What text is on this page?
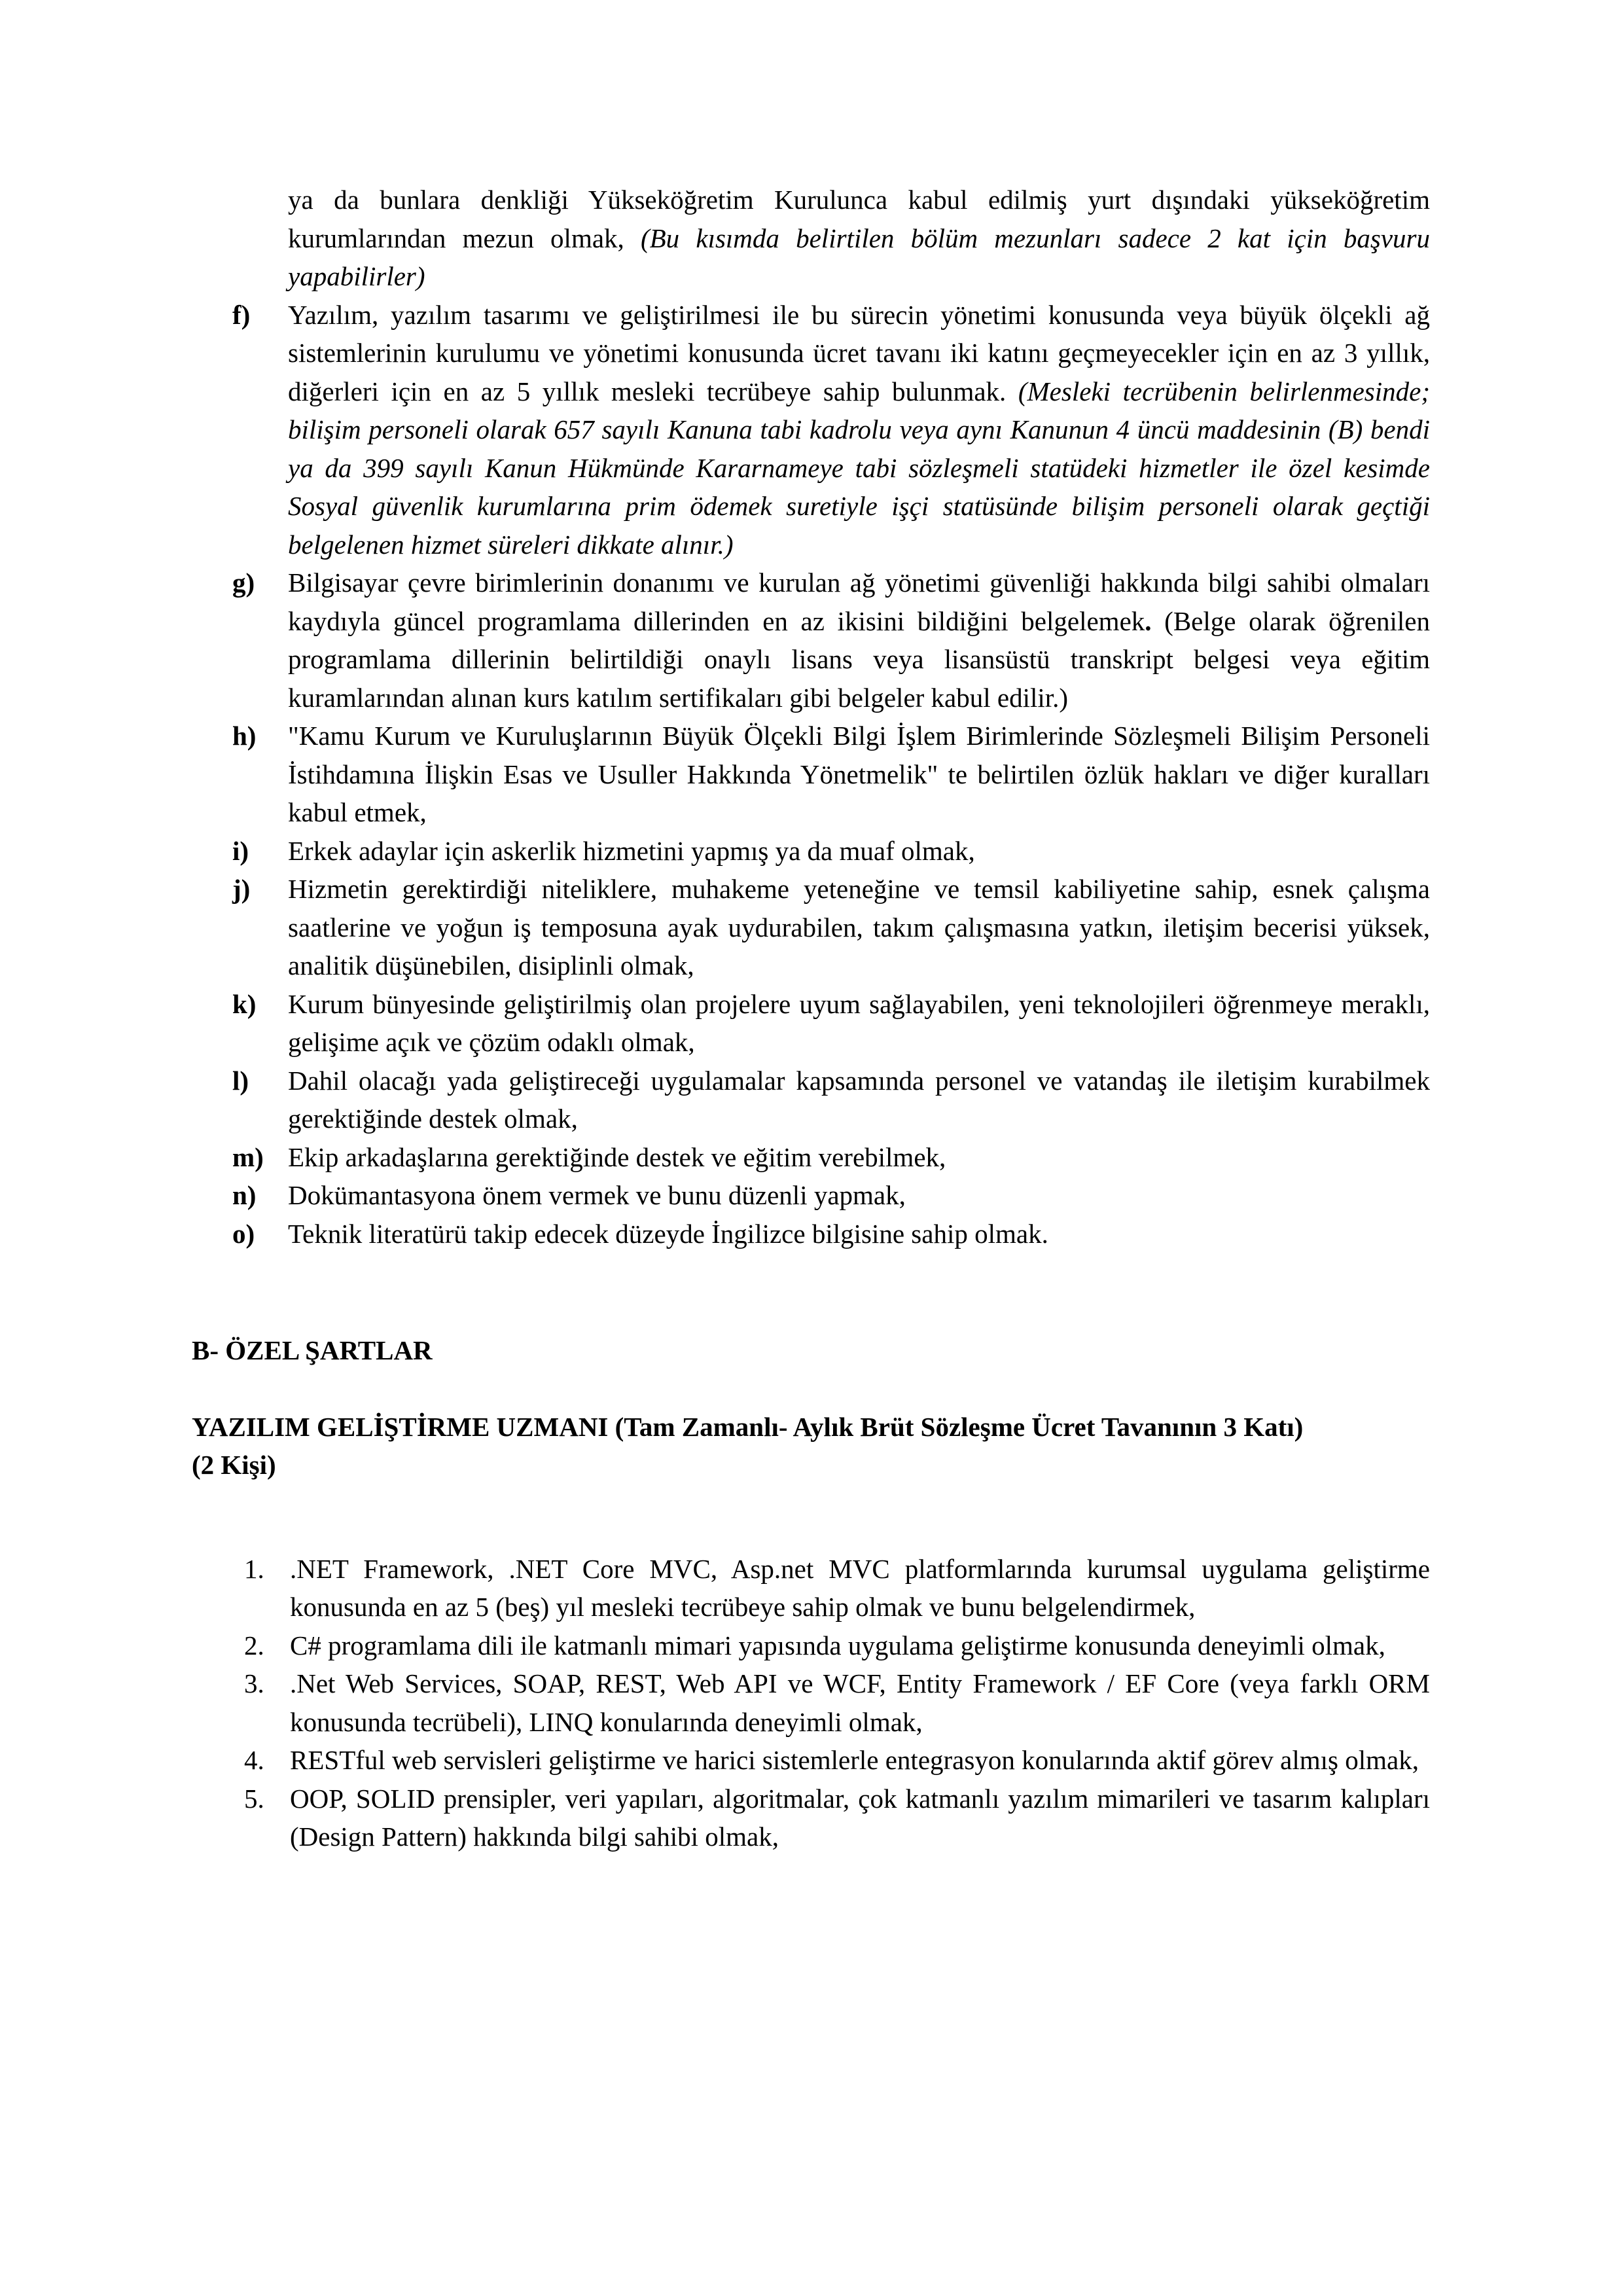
ya da bunlara denkliği Yükseköğretim Kurulunca kabul edilmiş yurt dışındaki yükseköğretim kurumlarından mezun olmak, (Bu kısımda belirtilen bölüm mezunları sadece 2 kat için başvuru yapabilirler)

f)	Yazılım, yazılım tasarımı ve geliştirilmesi ile bu sürecin yönetimi konusunda veya büyük ölçekli ağ sistemlerinin kurulumu ve yönetimi konusunda ücret tavanı iki katını geçmeyecekler için en az 3 yıllık, diğerleri için en az 5 yıllık mesleki tecrübeye sahip bulunmak. (Mesleki tecrübenin belirlenmesinde; bilişim personeli olarak 657 sayılı Kanuna tabi kadrolu veya aynı Kanunun 4 üncü maddesinin (B) bendi ya da 399 sayılı Kanun Hükmünde Kararnameye tabi sözleşmeli statüdeki hizmetler ile özel kesimde Sosyal güvenlik kurumlarına prim ödemek suretiyle işçi statüsünde bilişim personeli olarak geçtiği belgelenen hizmet süreleri dikkate alınır.)
g)	Bilgisayar çevre birimlerinin donanımı ve kurulan ağ yönetimi güvenliği hakkında bilgi sahibi olmaları kaydıyla güncel programlama dillerinden en az ikisini bildiğini belgelemek. (Belge olarak öğrenilen programlama dillerinin belirtildiği onaylı lisans veya lisansüstü transkript belgesi veya eğitim kuramlarından alınan kurs katılım sertifikaları gibi belgeler kabul edilir.)
h)	"Kamu Kurum ve Kuruluşlarının Büyük Ölçekli Bilgi İşlem Birimlerinde Sözleşmeli Bilişim Personeli İstihdamına İlişkin Esas ve Usuller Hakkında Yönetmelik" te belirtilen özlük hakları ve diğer kuralları kabul etmek,
i)	Erkek adaylar için askerlik hizmetini yapmış ya da muaf olmak,
j)	Hizmetin gerektirdiği niteliklere, muhakeme yeteneğine ve temsil kabiliyetine sahip, esnek çalışma saatlerine ve yoğun iş temposuna ayak uydurabilen, takım çalışmasına yatkın, iletişim becerisi yüksek, analitik düşünebilen, disiplinli olmak,
k)	Kurum bünyesinde geliştirilmiş olan projelere uyum sağlayabilen, yeni teknolojileri öğrenmeye meraklı, gelişime açık ve çözüm odaklı olmak,
l)	Dahil olacağı yada geliştireceği uygulamalar kapsamında personel ve vatandaş ile iletişim kurabilmek gerektiğinde destek olmak,
m) Ekip arkadaşlarına gerektiğinde destek ve eğitim verebilmek,
n)	Dokümantasyona önem vermek ve bunu düzenli yapmak,
o)	Teknik literatürü takip edecek düzeyde İngilizce bilgisine sahip olmak.
B- ÖZEL ŞARTLAR
YAZILIM GELİŞTİRME UZMANI (Tam Zamanlı- Aylık Brüt Sözleşme Ücret Tavanının 3 Katı) (2 Kişi)
1. .NET Framework, .NET Core MVC, Asp.net MVC platformlarında kurumsal uygulama geliştirme konusunda en az 5 (beş) yıl mesleki tecrübeye sahip olmak ve bunu belgelendirmek,
2. C# programlama dili ile katmanlı mimari yapısında uygulama geliştirme konusunda deneyimli olmak,
3. .Net Web Services, SOAP, REST, Web API ve WCF, Entity Framework / EF Core (veya farklı ORM konusunda tecrübeli), LINQ konularında deneyimli olmak,
4. RESTful web servisleri geliştirme ve harici sistemlerle entegrasyon konularında aktif görev almış olmak,
5. OOP, SOLID prensipler, veri yapıları, algoritmalar, çok katmanlı yazılım mimarileri ve tasarım kalıpları (Design Pattern) hakkında bilgi sahibi olmak,
